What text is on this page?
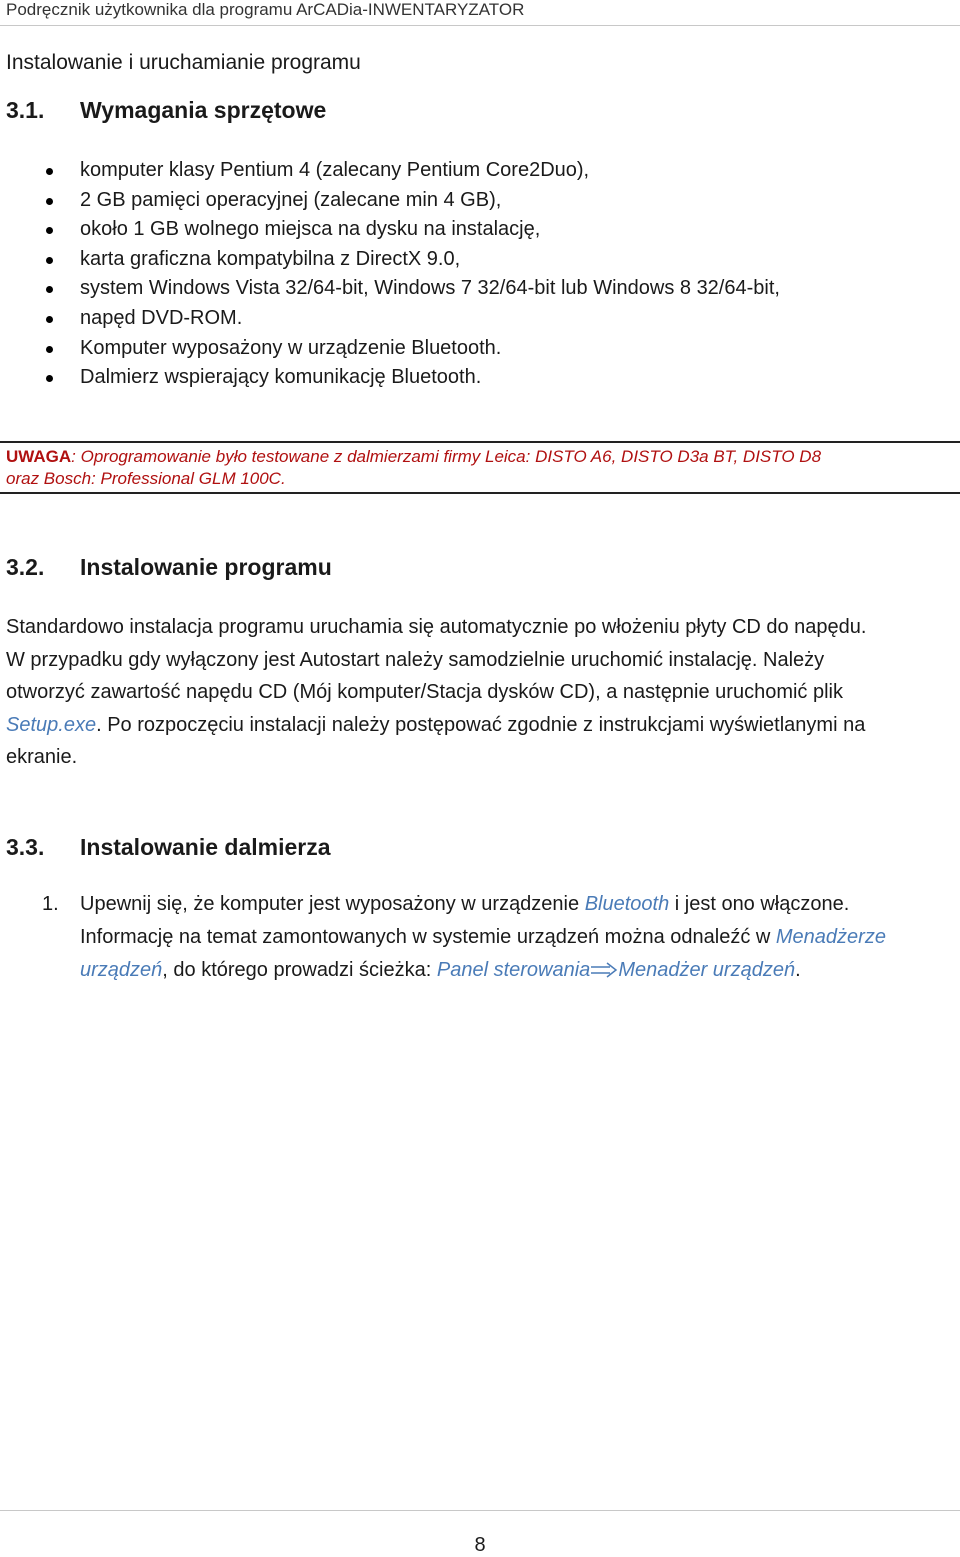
Podręcznik użytkownika dla programu ArCADia-INWENTARYZATOR
Instalowanie i uruchamianie programu
3.1. Wymagania sprzętowe
komputer klasy Pentium 4 (zalecany Pentium Core2Duo),
2 GB pamięci operacyjnej (zalecane min 4 GB),
około 1 GB wolnego miejsca na dysku na instalację,
karta graficzna kompatybilna z DirectX 9.0,
system Windows Vista 32/64-bit, Windows 7 32/64-bit lub Windows 8 32/64-bit,
napęd DVD-ROM.
Komputer wyposażony w urządzenie Bluetooth.
Dalmierz wspierający komunikację Bluetooth.
UWAGA: Oprogramowanie było testowane z dalmierzami firmy Leica: DISTO A6, DISTO D3a BT, DISTO D8
oraz Bosch: Professional GLM 100C.
3.2. Instalowanie programu
Standardowo instalacja programu uruchamia się automatycznie po włożeniu płyty CD do napędu.
W przypadku gdy wyłączony jest Autostart należy samodzielnie uruchomić instalację. Należy
otworzyć zawartość napędu CD (Mój komputer/Stacja dysków CD), a następnie uruchomić plik
Setup.exe. Po rozpoczęciu instalacji należy postępować zgodnie z instrukcjami wyświetlanymi na
ekranie.
3.3. Instalowanie dalmierza
1. Upewnij się, że komputer jest wyposażony w urządzenie Bluetooth i jest ono włączone.
Informację na temat zamontowanych w systemie urządzeń można odnaleźć w Menadżerze
urządzeń, do którego prowadzi ścieżka: Panel sterowania Menadżer urządzeń.
8
